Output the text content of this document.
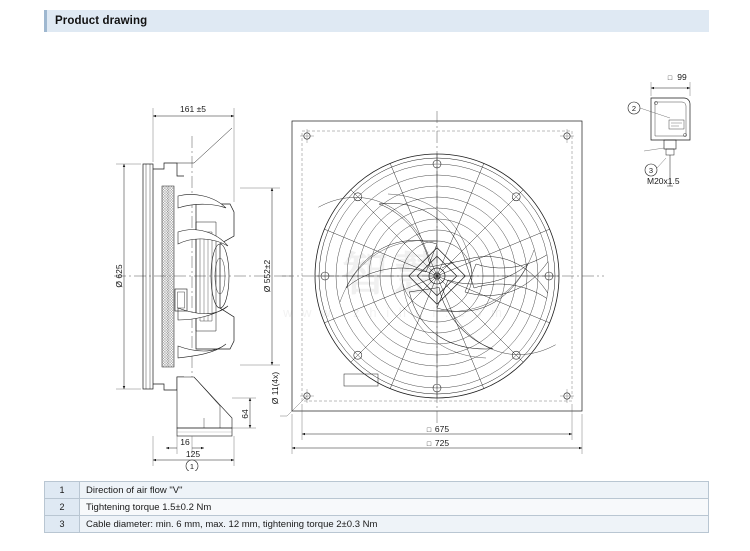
Product drawing
智慧
w w w . z h i h u i . c o m
161 ±5
Ø 625	Ø 552±2
64
16
125
□ 99
M20x1.5
□ 675
□ 725
Ø 11(4x)
1
2
3
1	Direction of air flow "V"
2	Tightening torque 1.5±0.2 Nm
3	Cable diameter: min. 6 mm, max. 12 mm, tightening torque 2±0.3 Nm
